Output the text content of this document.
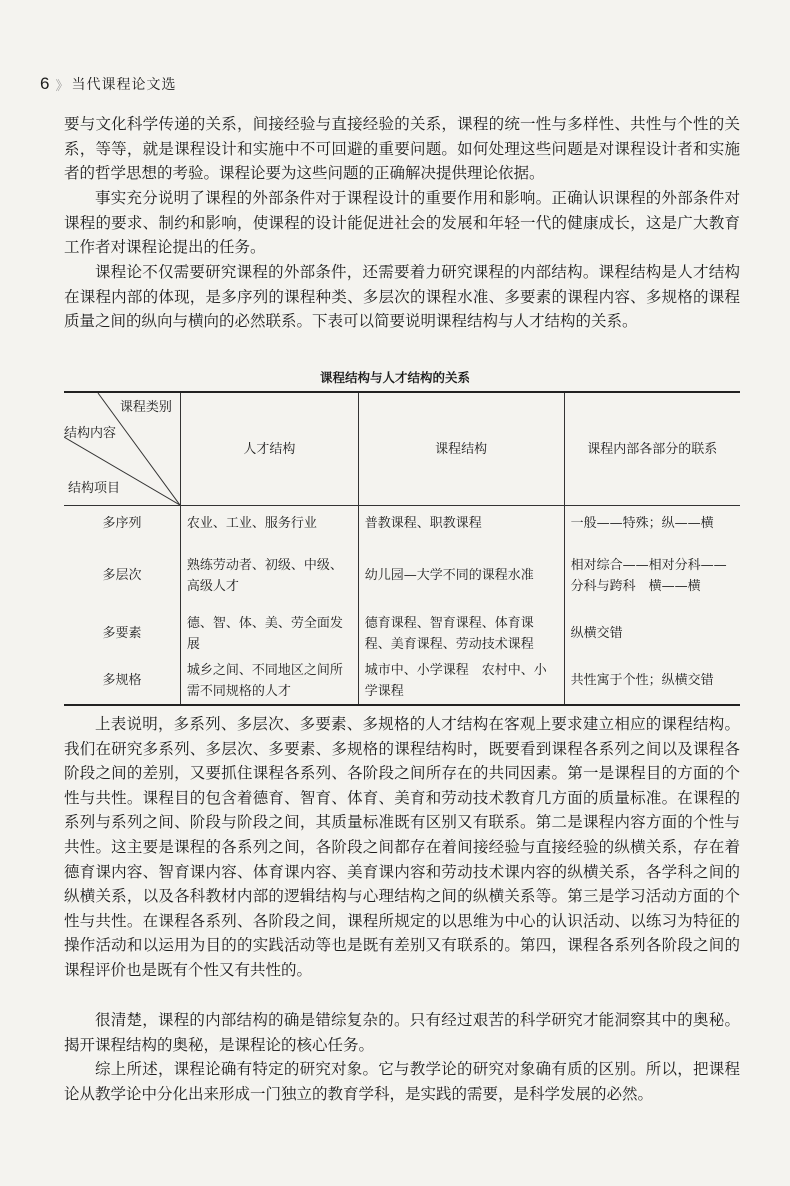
6 》 当代课程论文选

要与文化科学传递的关系，间接经验与直接经验的关系，课程的统一性与多样性、共性与个性的关系，等等，就是课程设计和实施中不可回避的重要问题。如何处理这些问题是对课程设计者和实施者的哲学思想的考验。课程论要为这些问题的正确解决提供理论依据。

事实充分说明了课程的外部条件对于课程设计的重要作用和影响。正确认识课程的外部条件对课程的要求、制约和影响，使课程的设计能促进社会的发展和年轻一代的健康成长，这是广大教育工作者对课程论提出的任务。

课程论不仅需要研究课程的外部条件，还需要着力研究课程的内部结构。课程结构是人才结构在课程内部的体现，是多序列的课程种类、多层次的课程水准、多要素的课程内容、多规格的课程质量之间的纵向与横向的必然联系。下表可以简要说明课程结构与人才结构的关系。

课程结构与人才结构的关系
课程类别
结构内容
结构项目	人才结构	课程结构	课程内部各部分的联系
多序列	农业、工业、服务行业	普教课程、职教课程	一般——特殊；纵——横
多层次	熟练劳动者、初级、中级、高级人才	幼儿园—大学不同的课程水准	相对综合——相对分科——分科与跨科　横——横
多要素	德、智、体、美、劳全面发展	德育课程、智育课程、体育课程、美育课程、劳动技术课程	纵横交错
多规格	城乡之间、不同地区之间所需不同规格的人才	城市中、小学课程　农村中、小学课程	共性寓于个性；纵横交错

上表说明，多系列、多层次、多要素、多规格的人才结构在客观上要求建立相应的课程结构。我们在研究多系列、多层次、多要素、多规格的课程结构时，既要看到课程各系列之间以及课程各阶段之间的差别，又要抓住课程各系列、各阶段之间所存在的共同因素。第一是课程目的方面的个性与共性。课程目的包含着德育、智育、体育、美育和劳动技术教育几方面的质量标准。在课程的系列与系列之间、阶段与阶段之间，其质量标准既有区别又有联系。第二是课程内容方面的个性与共性。这主要是课程的各系列之间，各阶段之间都存在着间接经验与直接经验的纵横关系，存在着德育课内容、智育课内容、体育课内容、美育课内容和劳动技术课内容的纵横关系，各学科之间的纵横关系，以及各科教材内部的逻辑结构与心理结构之间的纵横关系等。第三是学习活动方面的个性与共性。在课程各系列、各阶段之间，课程所规定的以思维为中心的认识活动、以练习为特征的操作活动和以运用为目的的实践活动等也是既有差别又有联系的。第四，课程各系列各阶段之间的课程评价也是既有个性又有共性的。

很清楚，课程的内部结构的确是错综复杂的。只有经过艰苦的科学研究才能洞察其中的奥秘。揭开课程结构的奥秘，是课程论的核心任务。

综上所述，课程论确有特定的研究对象。它与教学论的研究对象确有质的区别。所以，把课程论从教学论中分化出来形成一门独立的教育学科，是实践的需要，是科学发展的必然。
